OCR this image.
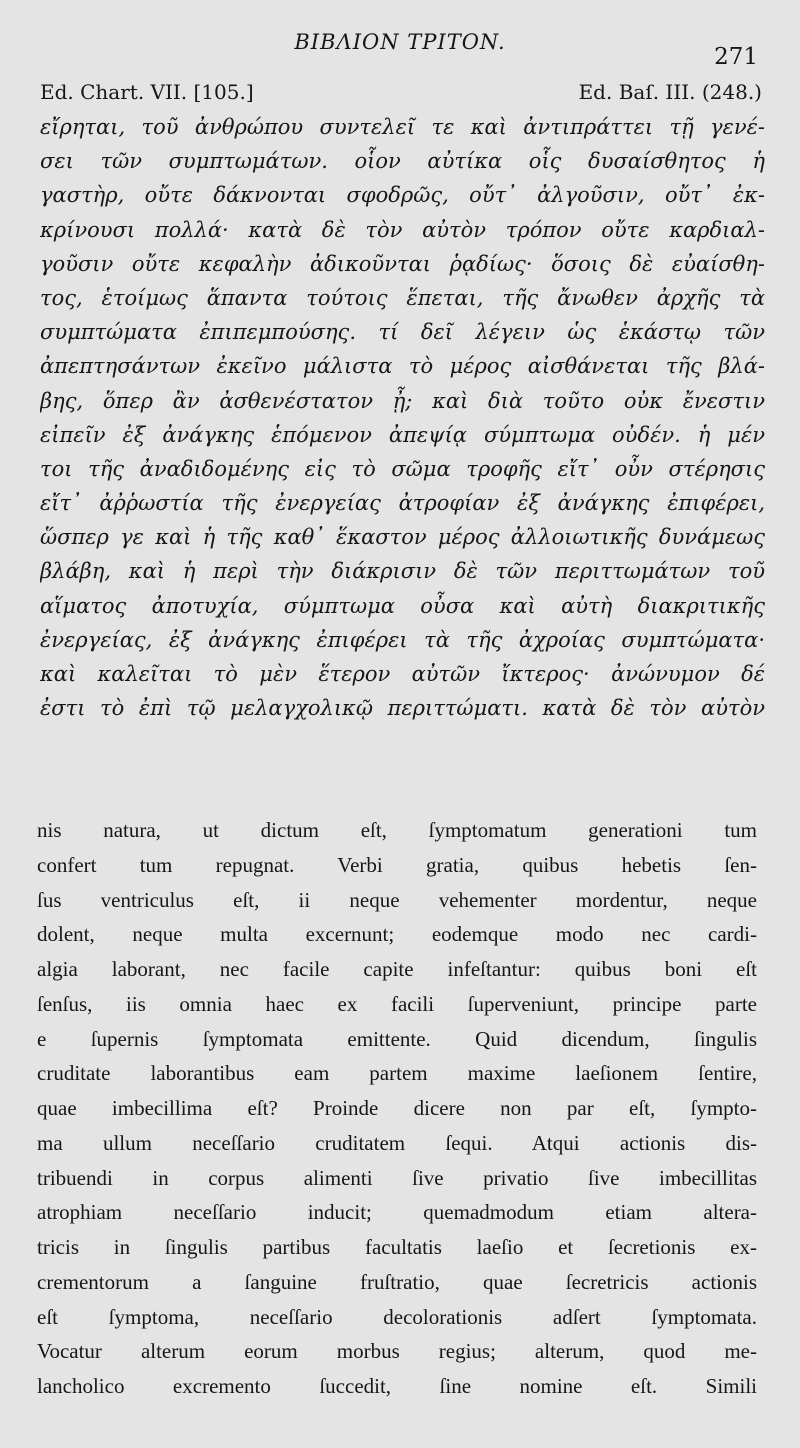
BIBΛION TPITON.
271
Ed. Chart. VII. [105.]	Ed. Baſ. III. (248.)
εἴρηται, τοῦ ἀνθρώπου συντελεῖ τε καὶ ἀντιπράττει τῇ γενέ-
σει τῶν συμπτωμάτων. οἷον αὐτίκα οἷς δυσαίσθητος ἡ
γαστὴρ, οὔτε δάκνονται σφοδρῶς, οὔτ᾿ ἀλγοῦσιν, οὔτ᾿ ἐκ-
κρίνουσι πολλά· κατὰ δὲ τὸν αὐτὸν τρόπον οὔτε καρδιαλ-
γοῦσιν οὔτε κεφαλὴν ἀδικοῦνται ῥᾳδίως· ὅσοις δὲ εὐαίσθη-
τος, ἑτοίμως ἅπαντα τούτοις ἕπεται, τῆς ἄνωθεν ἀρχῆς τὰ
συμπτώματα ἐπιπεμπούσης. τί δεῖ λέγειν ὡς ἑκάστῳ τῶν
ἀπεπτησάντων ἐκεῖνο μάλιστα τὸ μέρος αἰσθάνεται τῆς βλά-
βης, ὅπερ ἂν ἀσθενέστατον ᾖ; καὶ διὰ τοῦτο οὐκ ἔνεστιν
εἰπεῖν ἐξ ἀνάγκης ἑπόμενον ἀπεψίᾳ σύμπτωμα οὐδέν. ἡ μέν
τοι τῆς ἀναδιδομένης εἰς τὸ σῶμα τροφῆς εἴτ᾿ οὖν στέρησις
εἴτ᾿ ἀῤῥωστία τῆς ἐνεργείας ἀτροφίαν ἐξ ἀνάγκης ἐπιφέρει,
ὥσπερ γε καὶ ἡ τῆς καθ᾿ ἕκαστον μέρος ἀλλοιωτικῆς δυνάμεως
βλάβη, καὶ ἡ περὶ τὴν διάκρισιν δὲ τῶν περιττωμάτων τοῦ
αἵματος ἀποτυχία, σύμπτωμα οὖσα καὶ αὐτὴ διακριτικῆς
ἐνεργείας, ἐξ ἀνάγκης ἐπιφέρει τὰ τῆς ἀχροίας συμπτώματα·
καὶ καλεῖται τὸ μὲν ἕτερον αὐτῶν ἴκτερος· ἀνώνυμον δέ
ἐστι τὸ ἐπὶ τῷ μελαγχολικῷ περιττώματι. κατὰ δὲ τὸν αὐτὸν
nis natura, ut dictum eſt, ſymptomatum generationi tum
confert tum repugnat. Verbi gratia, quibus hebetis ſen-
ſus ventriculus eſt, ii neque vehementer mordentur, neque
dolent, neque multa excernunt; eodemque modo nec cardi-
algia laborant, nec facile capite infeſtantur: quibus boni eſt
ſenſus, iis omnia haec ex facili ſuperveniunt, principe parte
e ſupernis ſymptomata emittente. Quid dicendum, ſingulis
cruditate laborantibus eam partem maxime laeſionem ſentire,
quae imbecillima eſt? Proinde dicere non par eſt, ſympto-
ma ullum neceſſario cruditatem ſequi. Atqui actionis dis-
tribuendi in corpus alimenti ſive privatio ſive imbecillitas
atrophiam neceſſario inducit; quemadmodum etiam altera-
tricis in ſingulis partibus facultatis laeſio et ſecretionis ex-
crementorum a ſanguine fruſtratio, quae ſecretricis actionis
eſt ſymptoma, neceſſario decolorationis adſert ſymptomata.
Vocatur alterum eorum morbus regius; alterum, quod me-
lancholico excremento ſuccedit, ſine nomine eſt. Simili
